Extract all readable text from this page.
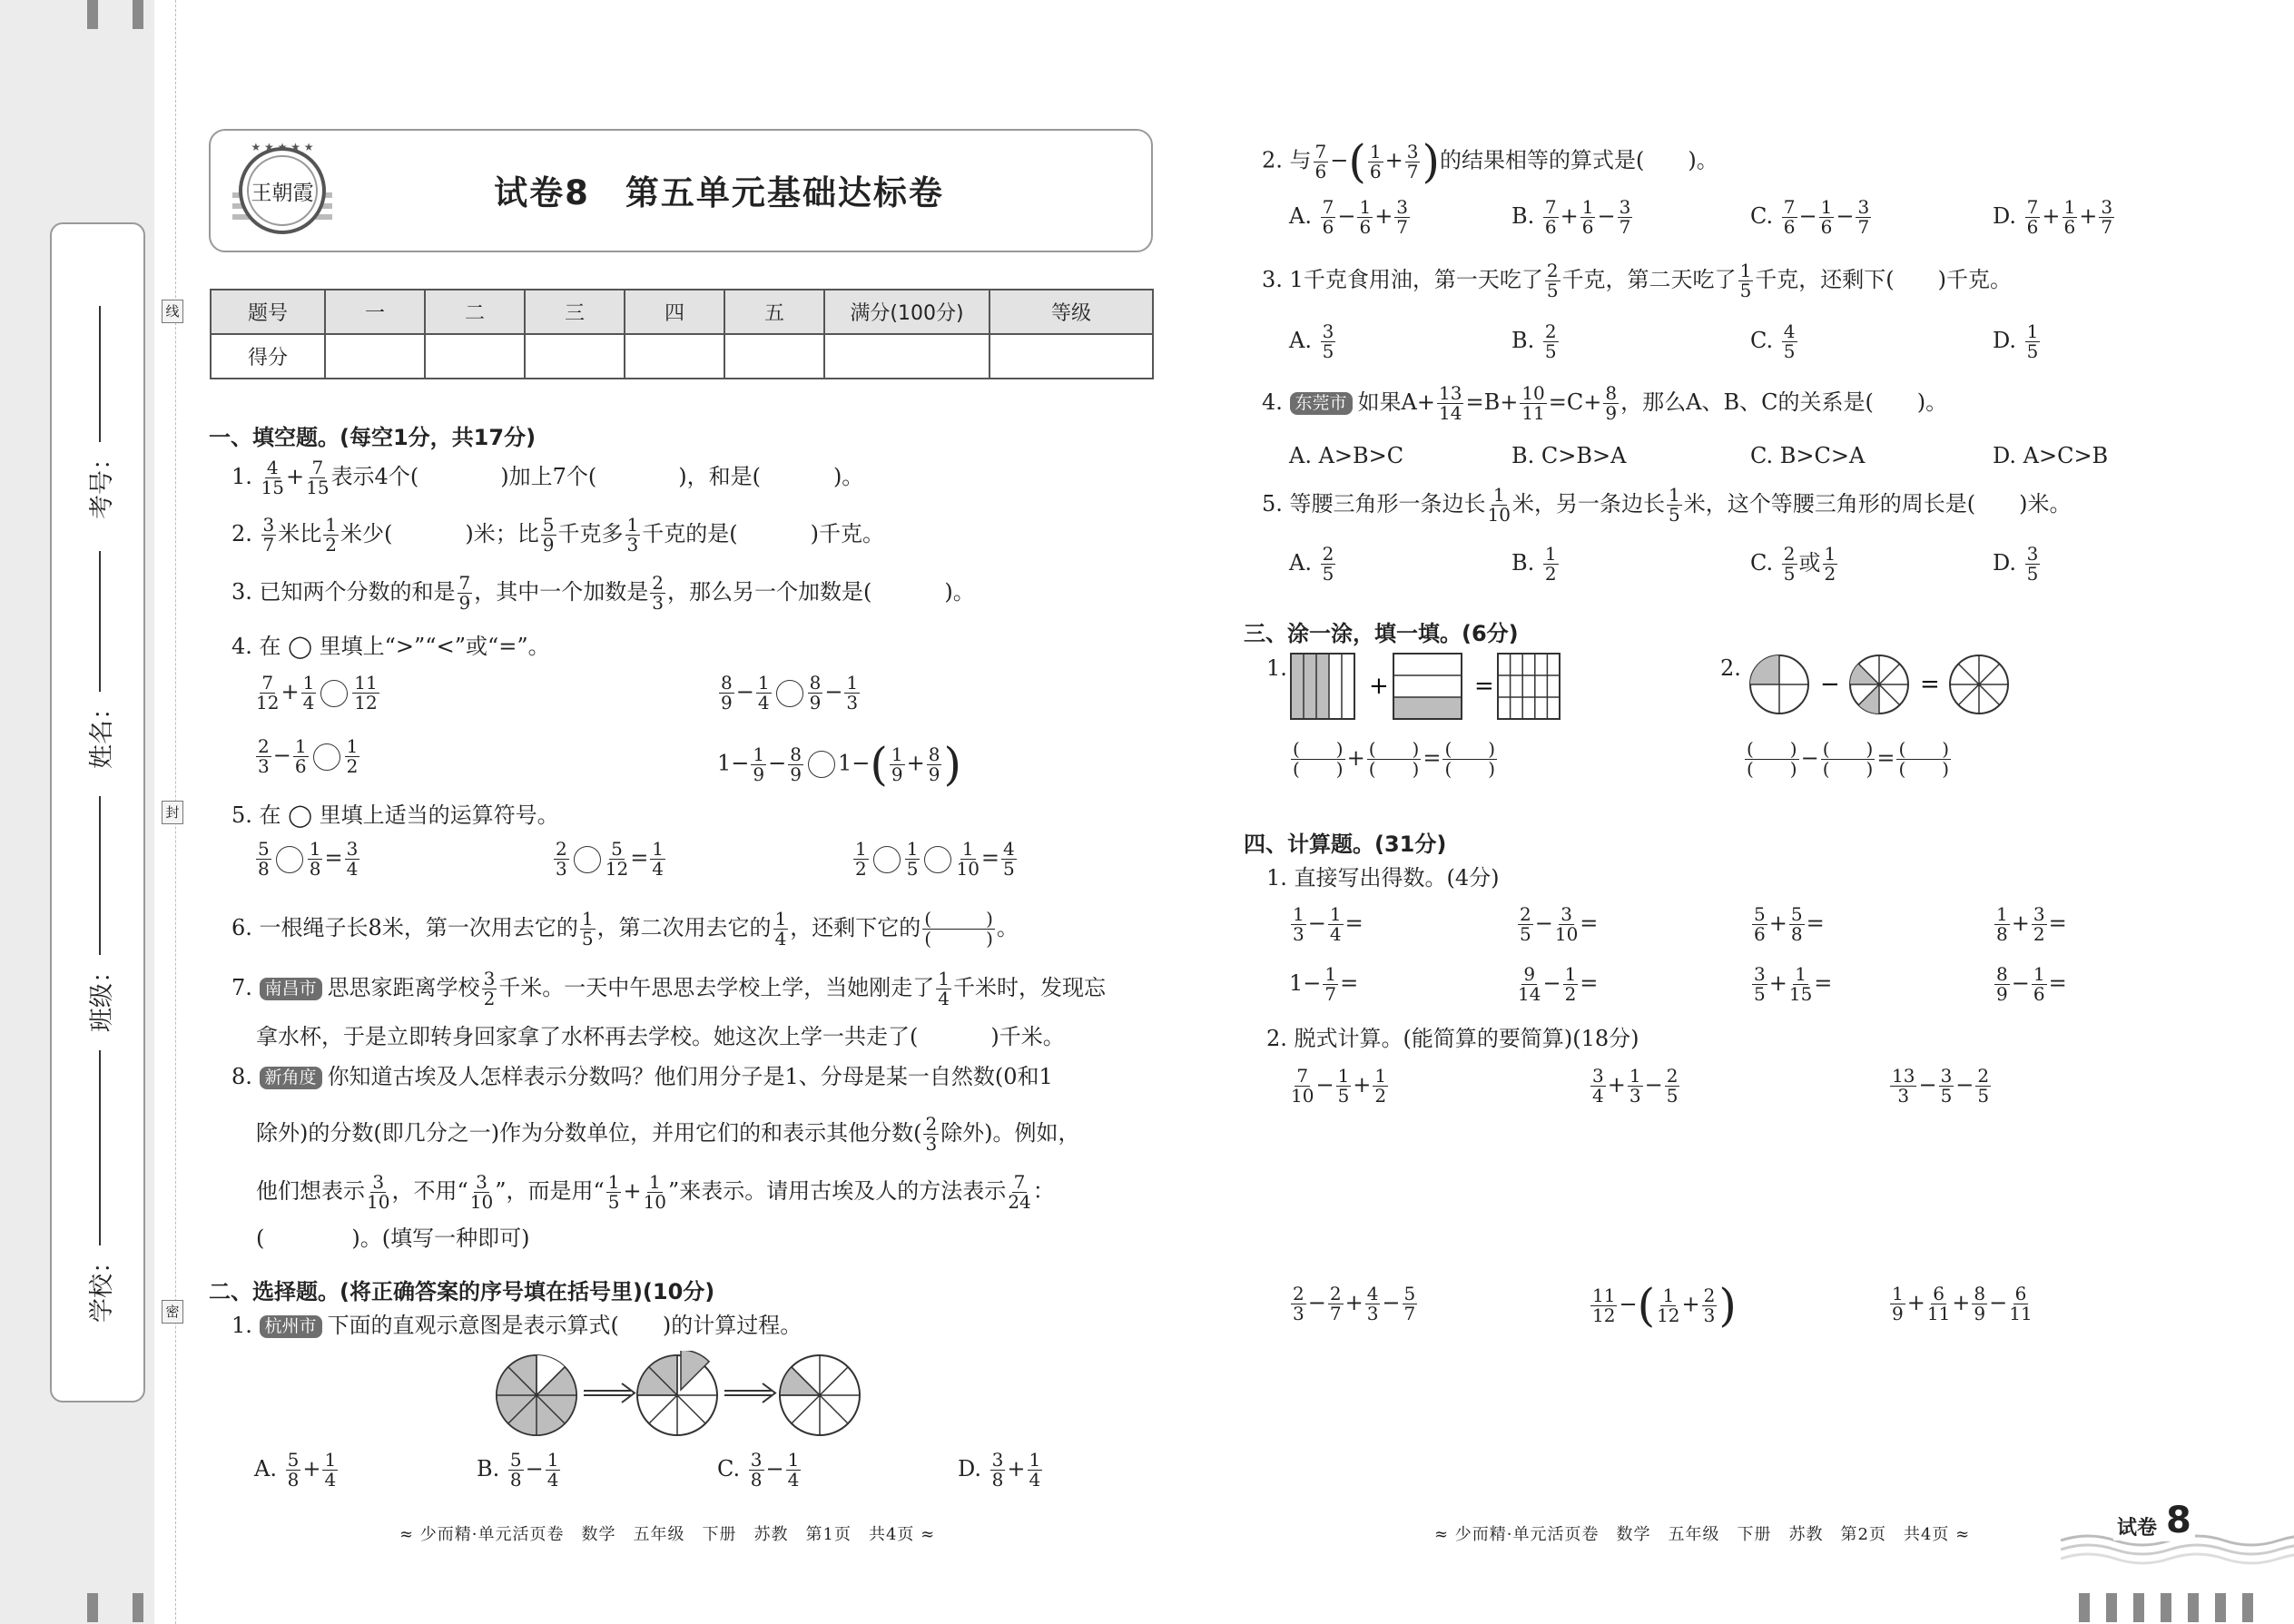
线
封
密
考号：
姓名：
班级：
学校：
★ ★ ★ ★ ★
王朝霞	试卷8　第五单元基础达标卷
题号	一	二	三	四	五	满分(100分)	等级
得分							
一、填空题。(每空1分，共17分)
1. $\frac{4}{15} + \frac{7}{15}$ 表示4个(	)加上7个(	)，和是(	)。
2. $\frac{3}{7}$ 米比 $\frac{1}{2}$ 米少(	)米；比 $\frac{5}{9}$ 千克多 $\frac{1}{3}$ 千克的是(	)千克。
3. 已知两个分数的和是 $\frac{7}{9}$ ，其中一个加数是 $\frac{2}{3}$ ，那么另一个加数是(	)。
4. 在 ◯ 里填上“>”“<”或“=”。
$\frac{7}{12} + \frac{1}{4} \frac{11}{12}$	$\frac{8}{9} - \frac{1}{4} \frac{8}{9} - \frac{1}{3}$
$\frac{2}{3} - \frac{1}{6} \frac{1}{2}$	$1- \frac{1}{9} - \frac{8}{9} 1-( \frac{1}{9} + \frac{8}{9}$ )
5. 在 ◯ 里填上适当的运算符号。
$\frac{5}{8} \frac{1}{8} = \frac{3}{4}$	$\frac{2}{3} \frac{5}{12} = \frac{1}{4}$	$\frac{1}{2} \frac{1}{5} \frac{1}{10} = \frac{4}{5}$
6. 一根绳子长8米，第一次用去它的 $\frac{1}{5}$ ，第二次用去它的 $\frac{1}{4}$ ，还剩下它的 $\frac{( )}{( )}$ 。
7. 南昌市 思思家距离学校 $\frac{3}{2}$ 千米。一天中午思思去学校上学，当她刚走了 $\frac{1}{4}$ 千米时，发现忘
拿水杯，于是立即转身回家拿了水杯再去学校。她这次上学一共走了(	)千米。
8. 新角度 你知道古埃及人怎样表示分数吗？他们用分子是1、分母是某一自然数(0和1
除外)的分数(即几分之一)作为分数单位，并用它们的和表示其他分数( $\frac{2}{3}$ 除外)。例如，
他们想表示 $\frac{3}{10}$ ，不用“ $\frac{3}{10}$ ”，而是用“ $\frac{1}{5} + \frac{1}{10}$ ”来表示。请用古埃及人的方法表示 $\frac{7}{24}$ ：
(　　　　)。(填写一种即可)
二、选择题。(将正确答案的序号填在括号里)(10分)
1. 杭州市 下面的直观示意图是表示算式(　　)的计算过程。
A. $\frac{5}{8} + \frac{1}{4}$	B. $\frac{5}{8} - \frac{1}{4}$	C. $\frac{3}{8} - \frac{1}{4}$	D. $\frac{3}{8} + \frac{1}{4}$
≈ 少而精·单元活页卷　数学　五年级　下册　苏教　第1页　共4页 ≈
2. 与 $\frac{7}{6}$ −( $\frac{1}{6} + \frac{3}{7}$ )的结果相等的算式是(　　)。
A. $\frac{7}{6} - \frac{1}{6} + \frac{3}{7}$	B. $\frac{7}{6} + \frac{1}{6} - \frac{3}{7}$	C. $\frac{7}{6} - \frac{1}{6} - \frac{3}{7}$	D. $\frac{7}{6} + \frac{1}{6} + \frac{3}{7}$
3. 1千克食用油，第一天吃了 $\frac{2}{5}$ 千克，第二天吃了 $\frac{1}{5}$ 千克，还剩下(　　)千克。
A. $\frac{3}{5}$	B. $\frac{2}{5}$	C. $\frac{4}{5}$	D. $\frac{1}{5}$
4. 东莞市 如果$A+ \frac{13}{14} =B+ \frac{10}{11} =C+ \frac{8}{9}$ ，那么A、B、C的关系是(　　)。
A. A>B>C	B. C>B>A	C. B>C>A	D. A>C>B
5. 等腰三角形一条边长 $\frac{1}{10}$ 米，另一条边长 $\frac{1}{5}$ 米，这个等腰三角形的周长是(　　)米。
A. $\frac{2}{5}$	B. $\frac{1}{2}$	C. $\frac{2}{5}$ 或 $\frac{1}{2}$	D. $\frac{3}{5}$
三、涂一涂，填一填。(6分)
1.
+	=
$\frac{( )}{( )} + \frac{( )}{( )} = \frac{( )}{( )}$
2.
−	=
$\frac{( )}{( )} - \frac{( )}{( )} = \frac{( )}{( )}$
四、计算题。(31分)
1. 直接写出得数。(4分)
$\frac{1}{3} - \frac{1}{4}$ =	$\frac{2}{5} - \frac{3}{10}$ =	$\frac{5}{6} + \frac{5}{8}$ =	$\frac{1}{8} + \frac{3}{2}$ =
$1- \frac{1}{7}$ =	$\frac{9}{14} - \frac{1}{2}$ =	$\frac{3}{5} + \frac{1}{15}$ =	$\frac{8}{9} - \frac{1}{6}$ =
2. 脱式计算。(能简算的要简算)(18分)
$\frac{7}{10} - \frac{1}{5} + \frac{1}{2}$	$\frac{3}{4} + \frac{1}{3} - \frac{2}{5}$	$\frac{13}{3} - \frac{3}{5} - \frac{2}{5}$
$\frac{2}{3} - \frac{2}{7} + \frac{4}{3} - \frac{5}{7}$	$\frac{11}{12}$ −( $\frac{1}{12} + \frac{2}{3}$ )	$\frac{1}{9} + \frac{6}{11} + \frac{8}{9} - \frac{6}{11}$
≈ 少而精·单元活页卷　数学　五年级　下册　苏教　第2页　共4页 ≈	试卷 8
